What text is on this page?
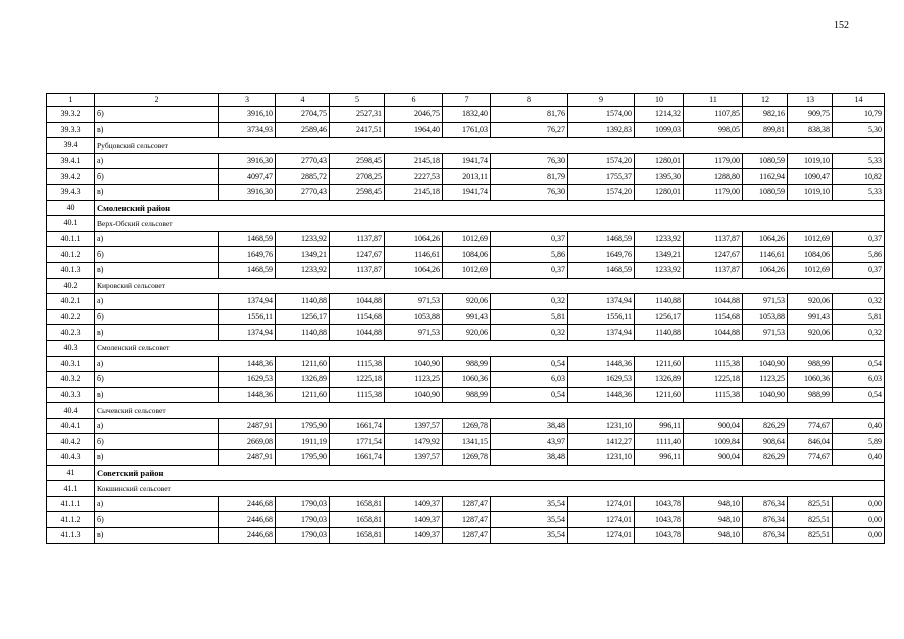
152
1	2	3	4	5	6	7	8	9	10	11	12	13	14
39.3.2	б)	3916,10	2704,75	2527,31	2046,75	1832,40	81,76	1574,00	1214,32	1107,85	982,16	909,75	10,79
39.3.3	в)	3734,93	2589,46	2417,51	1964,40	1761,03	76,27	1392,83	1099,03	998,05	899,81	838,38	5,30
39.4	Рубцовский сельсовет												
39.4.1	а)	3916,30	2770,43	2598,45	2145,18	1941,74	76,30	1574,20	1280,01	1179,00	1080,59	1019,10	5,33
39.4.2	б)	4097,47	2885,72	2708,25	2227,53	2013,11	81,79	1755,37	1395,30	1288,80	1162,94	1090,47	10,82
39.4.3	в)	3916,30	2770,43	2598,45	2145,18	1941,74	76,30	1574,20	1280,01	1179,00	1080,59	1019,10	5,33
40	Смоленский район												
40.1	Верх-Обский сельсовет												
40.1.1	а)	1468,59	1233,92	1137,87	1064,26	1012,69	0,37	1468,59	1233,92	1137,87	1064,26	1012,69	0,37
40.1.2	б)	1649,76	1349,21	1247,67	1146,61	1084,06	5,86	1649,76	1349,21	1247,67	1146,61	1084,06	5,86
40.1.3	в)	1468,59	1233,92	1137,87	1064,26	1012,69	0,37	1468,59	1233,92	1137,87	1064,26	1012,69	0,37
40.2	Кировский сельсовет												
40.2.1	а)	1374,94	1140,88	1044,88	971,53	920,06	0,32	1374,94	1140,88	1044,88	971,53	920,06	0,32
40.2.2	б)	1556,11	1256,17	1154,68	1053,88	991,43	5,81	1556,11	1256,17	1154,68	1053,88	991,43	5,81
40.2.3	в)	1374,94	1140,88	1044,88	971,53	920,06	0,32	1374,94	1140,88	1044,88	971,53	920,06	0,32
40.3	Смоленский сельсовет												
40.3.1	а)	1448,36	1211,60	1115,38	1040,90	988,99	0,54	1448,36	1211,60	1115,38	1040,90	988,99	0,54
40.3.2	б)	1629,53	1326,89	1225,18	1123,25	1060,36	6,03	1629,53	1326,89	1225,18	1123,25	1060,36	6,03
40.3.3	в)	1448,36	1211,60	1115,38	1040,90	988,99	0,54	1448,36	1211,60	1115,38	1040,90	988,99	0,54
40.4	Сычевский сельсовет												
40.4.1	а)	2487,91	1795,90	1661,74	1397,57	1269,78	38,48	1231,10	996,11	900,04	826,29	774,67	0,40
40.4.2	б)	2669,08	1911,19	1771,54	1479,92	1341,15	43,97	1412,27	1111,40	1009,84	908,64	846,04	5,89
40.4.3	в)	2487,91	1795,90	1661,74	1397,57	1269,78	38,48	1231,10	996,11	900,04	826,29	774,67	0,40
41	Советский район												
41.1	Кокшинский сельсовет												
41.1.1	а)	2446,68	1790,03	1658,81	1409,37	1287,47	35,54	1274,01	1043,78	948,10	876,34	825,51	0,00
41.1.2	б)	2446,68	1790,03	1658,81	1409,37	1287,47	35,54	1274,01	1043,78	948,10	876,34	825,51	0,00
41.1.3	в)	2446,68	1790,03	1658,81	1409,37	1287,47	35,54	1274,01	1043,78	948,10	876,34	825,51	0,00
